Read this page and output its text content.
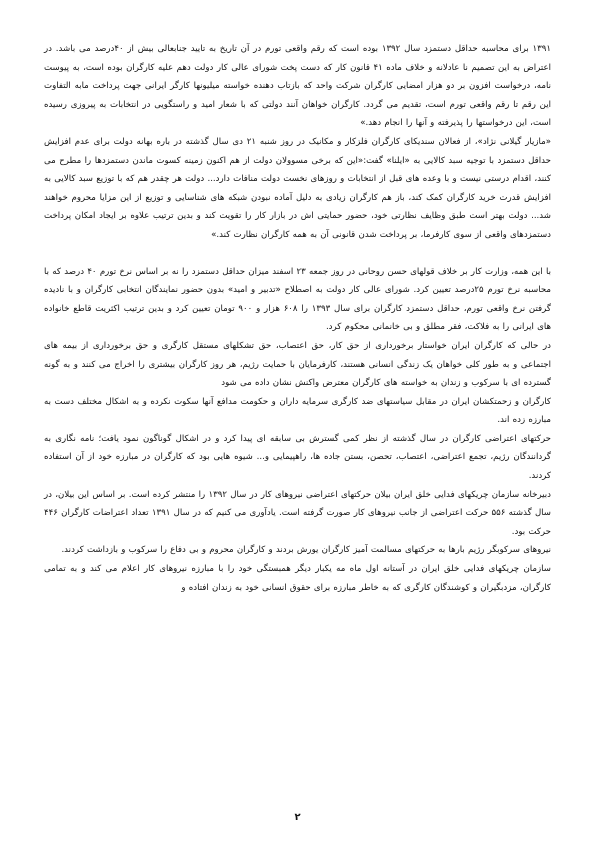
۱۳۹۱ برای محاسبه حداقل دستمزد سال ۱۳۹۲ بوده است که رقم واقعی تورم در آن تاریخ به تایید جنابعالی بیش از ۴۰درصد می باشد. در اعتراض به این تصمیم نا عادلانه و خلاف ماده ۴۱ قانون کار که دست پخت شورای عالی کار دولت دهم علیه کارگران بوده است، به پیوست نامه، درخواست افزون بر دو هزار امضایی کارگران شرکت واحد که بازتاب دهنده خواسته میلیونها کارگر ایرانی جهت پرداخت مابه التفاوت این رقم تا رقم واقعی تورم است، تقدیم می گردد. کارگران خواهان آنند دولتی که با شعار امید و راستگویی در انتخابات به پیروزی رسیده است، این درخواستها را پذیرفته و آنها را انجام دهد.»

«مازیار گیلانی نژاد»، از فعالان سندیکای کارگران فلزکار و مکانیک در روز شنبه ۲۱ دی سال گذشته در باره بهانه دولت برای عدم افزایش حداقل دستمزد با توجیه سبد کالایی به «ایلنا» گفت:«این که برخی مسوولان دولت از هم اکنون زمینه کسوت ماندن دستمزدها را مطرح می کنند، اقدام درستی نیست و با وعده های قبل از انتخابات و روزهای نخست دولت منافات دارد... دولت هر چقدر هم که با توزیع سبد کالایی به افزایش قدرت خرید کارگران کمک کند، باز هم کارگران زیادی به دلیل آماده نبودن شبکه های شناسایی و توزیع از این مزایا محروم خواهند شد... دولت بهتر است طبق وظایف نظارتی خود، حضور حمایتی اش در بازار کار را تقویت کند و بدین ترتیب علاوه بر ایجاد امکان پرداخت دستمزدهای واقعی از سوی کارفرما، بر پرداخت شدن قانونی آن به همه کارگران نظارت کند.»

با این همه، وزارت کار بر خلاف قولهای حسن روحانی در روز جمعه ۲۳ اسفند میزان حداقل دستمزد را نه بر اساس نرخ تورم ۴۰ درصد که با محاسبه نرخ تورم ۲۵درصد تعیین کرد. شورای عالی کار دولت به اصطلاح «تدبیر و امید» بدون حضور نمایندگان انتخابی کارگران و با نادیده گرفتن نرخ واقعی تورم، حداقل دستمزد کارگران برای سال ۱۳۹۳ را ۶۰۸ هزار و ۹۰۰ تومان تعیین کرد و بدین ترتیب اکثریت قاطع خانواده های ایرانی را به فلاکت، فقر مطلق و بی خانمانی محکوم کرد.

در حالی که کارگران ایران خواستار برخورداری از حق کار، حق اعتصاب، حق تشکلهای مستقل کارگری و حق برخورداری از بیمه های اجتماعی و به طور کلی خواهان یک زندگی انسانی هستند، کارفرمایان با حمایت رژیم، هر روز کارگران بیشتری را اخراج می کنند و به گونه گسترده ای با سرکوب و زندان به خواسته های کارگران معترض واکنش نشان داده می شود

کارگران و زحمتکشان ایران در مقابل سیاستهای ضد کارگری سرمایه داران و حکومت مدافع آنها سکوت نکرده و به اشکال مختلف دست به مبارزه زده اند.

حرکتهای اعتراضی کارگران در سال گذشته از نظر کمی گسترش بی سابقه ای پیدا کرد و در اشکال گوناگون نمود یافت؛ نامه نگاری به گردانندگان رژیم، تجمع اعتراضی، اعتصاب، تحصن، بستن جاده ها، راهپیمایی و... شیوه هایی بود که کارگران در مبارزه خود از آن استفاده کردند.

دبیرخانه سازمان چریکهای فدایی خلق ایران بیلان حرکتهای اعتراضی نیروهای کار در سال ۱۳۹۲ را منتشر کرده است. بر اساس این بیلان، در سال گذشته ۵۵۶ حرکت اعتراضی از جانب نیروهای کار صورت گرفته است. یادآوری می کنیم که در سال ۱۳۹۱ تعداد اعتراضات کارگران ۴۴۶ حرکت بود.

نیروهای سرکوبگر رژیم بارها به حرکتهای مسالمت آمیز کارگران یورش بردند و کارگران محروم و بی دفاع را سرکوب و بازداشت کردند.

سازمان چریکهای فدایی خلق ایران در آستانه اول ماه مه یکبار دیگر همبستگی خود را با مبارزه نیروهای کار اعلام می کند و به تمامی کارگران، مزدبگیران و کوشندگان کارگری که به خاطر مبارزه برای حقوق انسانی خود به زندان افتاده و

۲
